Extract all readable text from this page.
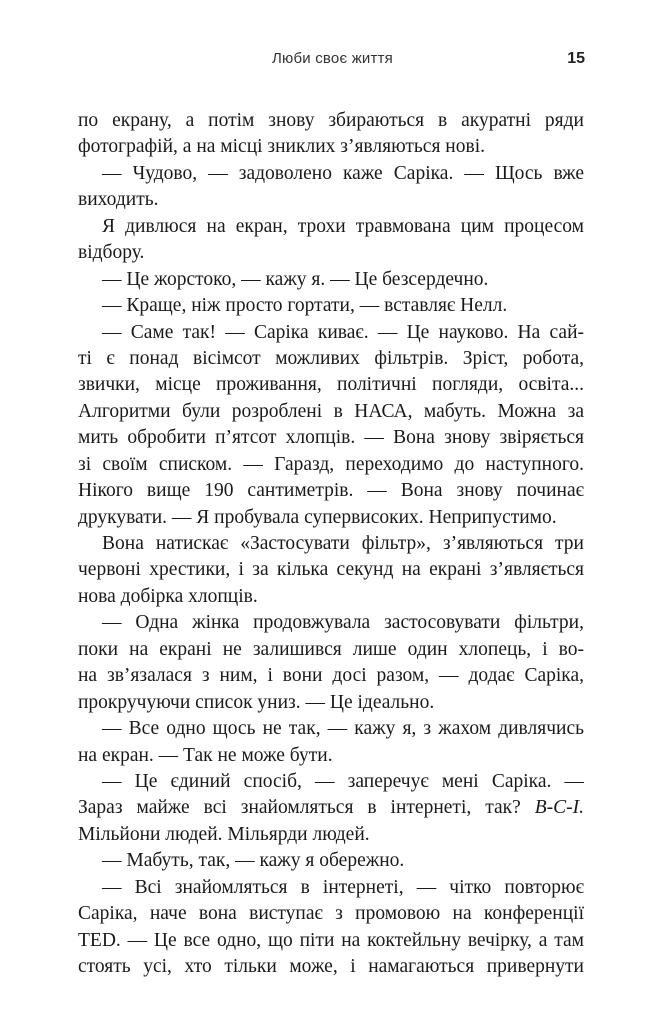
Люби своє життя	15
по екрану, а потім знову збираються в акуратні ряди
фотографій, а на місці зниклих з’являються нові.
— Чудово, — задоволено каже Саріка. — Щось вже
виходить.
Я дивлюся на екран, трохи травмована цим процесом
відбору.
— Це жорстоко, — кажу я. — Це безсердечно.
— Краще, ніж просто гортати, — вставляє Нелл.
— Саме так! — Саріка киває. — Це науково. На сай-
ті є понад вісімсот можливих фільтрів. Зріст, робота,
звички, місце проживання, політичні погляди, освіта...
Алгоритми були розроблені в НАСА, мабуть. Можна за
мить обробити п’ятсот хлопців. — Вона знову звіряється
зі своїм списком. — Гаразд, переходимо до наступного.
Нікого вище 190 сантиметрів. — Вона знову починає
друкувати. — Я пробувала супервисоких. Неприпустимо.
Вона натискає «Застосувати фільтр», з’являються три
червоні хрестики, і за кілька секунд на екрані з’являється
нова добірка хлопців.
— Одна жінка продовжувала застосовувати фільтри,
поки на екрані не залишився лише один хлопець, і во-
на зв’язалася з ним, і вони досі разом, — додає Саріка,
прокручуючи список униз. — Це ідеально.
— Все одно щось не так, — кажу я, з жахом дивлячись
на екран. — Так не може бути.
— Це єдиний спосіб, — заперечує мені Саріка. —
Зараз майже всі знайомляться в інтернеті, так? В-С-І.
Мільйони людей. Мільярди людей.
— Мабуть, так, — кажу я обережно.
— Всі знайомляться в інтернеті, — чітко повторює
Саріка, наче вона виступає з промовою на конференції
TED. — Це все одно, що піти на коктейльну вечірку, а там
стоять усі, хто тільки може, і намагаються привернути
